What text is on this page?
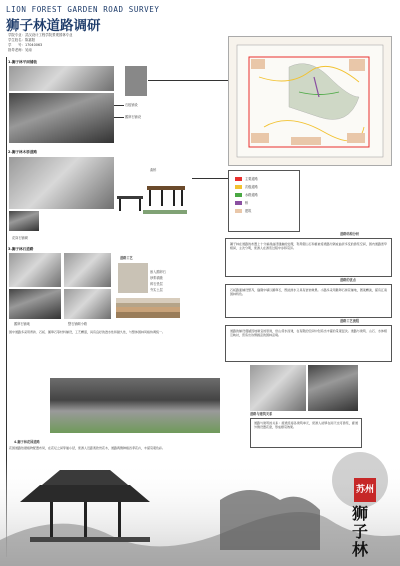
LION FOREST GARDEN ROAD SURVEY
狮子林道路调研
学院专业：武汉设计工程学院景观园林专业
学生姓名：陈嘉阳
学　　号：17040063
指导老师：吴南
1.狮子林平面铺装
石板铺设
鹅卵石铺设
2.狮子林木桥道路
花岗石铺砌
曲桥
3.狮子林石道路
鹅卵石铺地	整石铺砌小路
道路工艺
嵌入鹅卵石
砂浆填缝
碎石垫层
夯实土层
园中道路多采用青砖、石板、鹅卵石等材料铺设，工艺精湛，具有良好的透水性和耐久性，与整体园林风格协调统一。
4.狮子林花园道路
花园道路依据植物配置布局，在花坛之间穿插小径，使游人近距离欣赏花木，道路两侧种植四季花卉，丰富景观色彩。
主要道路
次级道路
水路道路
桥
建筑
道路结构分析
狮子林在道路的布置上十分重视曲径通幽的处理，利用假山石和植被将道路分隔成曲折多变的游览空间，园内道路宽窄相间，主次分明，使游人在游览过程中步移景异。
道路的优点
石板路面铺设整齐，缝隙中填以鹅卵石，既能排水又具有装饰效果。小路多采用鹅卵石拼花铺地，图案精美，富有江南园林特色。
道路工艺流程
道路的铺设遵循因地制宜的原则，依山傍水而建，在有限的空间中创造出丰富的景观层次。道路与建筑、山石、水体相互映衬，营造出诗情画意的园林意境。
道路与建筑关系
道路与建筑的关系：廊道连接各建筑单元，使游人能够在雨天也可游览，廊道外侧设置花窗，形成框景效果。
苏州
狮子林
